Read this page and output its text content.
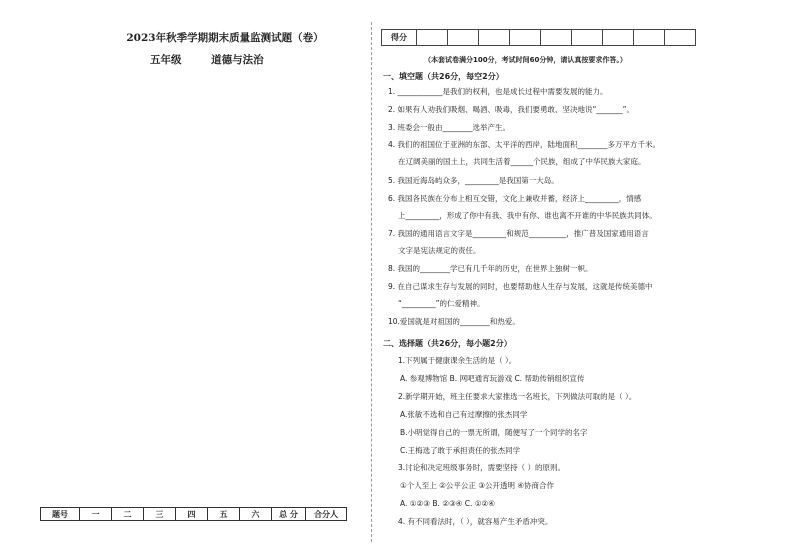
2023年秋季学期期末质量监测试题（卷）
五年级	道德与法治
题号	一	二	三	四	五	六	总 分	合分人
得分									
（本套试卷满分100分，考试时间60分钟，请认真按要求作答。）
一、填空题（共26分，每空2分）
1. ____________是我们的权利，也是成长过程中需要发展的能力。
2. 如果有人劝我们吸烟、喝酒、吸毒，我们要勇敢、坚决地说“_______”。
3. 班委会一般由________选举产生。
4. 我们的祖国位于亚洲的东部、太平洋的西岸，陆地面积________多万平方千米。
在辽阔美丽的国土上，共同生活着______个民族，组成了中华民族大家庭。
5. 我国近海岛屿众多，_________是我国第一大岛。
6. 我国各民族在分布上相互交错，文化上兼收并蓄，经济上_________，情感
上_________，形成了你中有我、我中有你、谁也离不开谁的中华民族共同体。
7. 我国的通用语言文字是_________和规范__________，推广普及国家通用语言
文字是宪法规定的责任。
8. 我国的________学已有几千年的历史，在世界上独树一帜。
9. 在自己谋求生存与发展的同时，也要帮助他人生存与发展，这就是传统美德中
“_________”的仁爱精神。
10.爱国就是对祖国的________和热爱。
二、选择题（共26分，每小题2分）
1.下列属于健康课余生活的是（ ）。
A. 参观博物馆 B. 网吧通宵玩游戏 C. 帮助传销组织宣传
2.新学期开始，班主任要求大家推选一名班长，下列做法可取的是（ ）。
A.张敏不选和自己有过摩擦的张杰同学
B.小明觉得自己的一票无所谓，随便写了一个同学的名字
C.王梅选了敢于承担责任的张杰同学
3.讨论和决定班级事务时，需要坚持（ ）的原则。
①个人至上 ②公平公正 ③公开透明 ④协商合作
A. ①②③ B. ②③④ C. ①②④
4. 有不同看法时，（ ），就容易产生矛盾冲突。
